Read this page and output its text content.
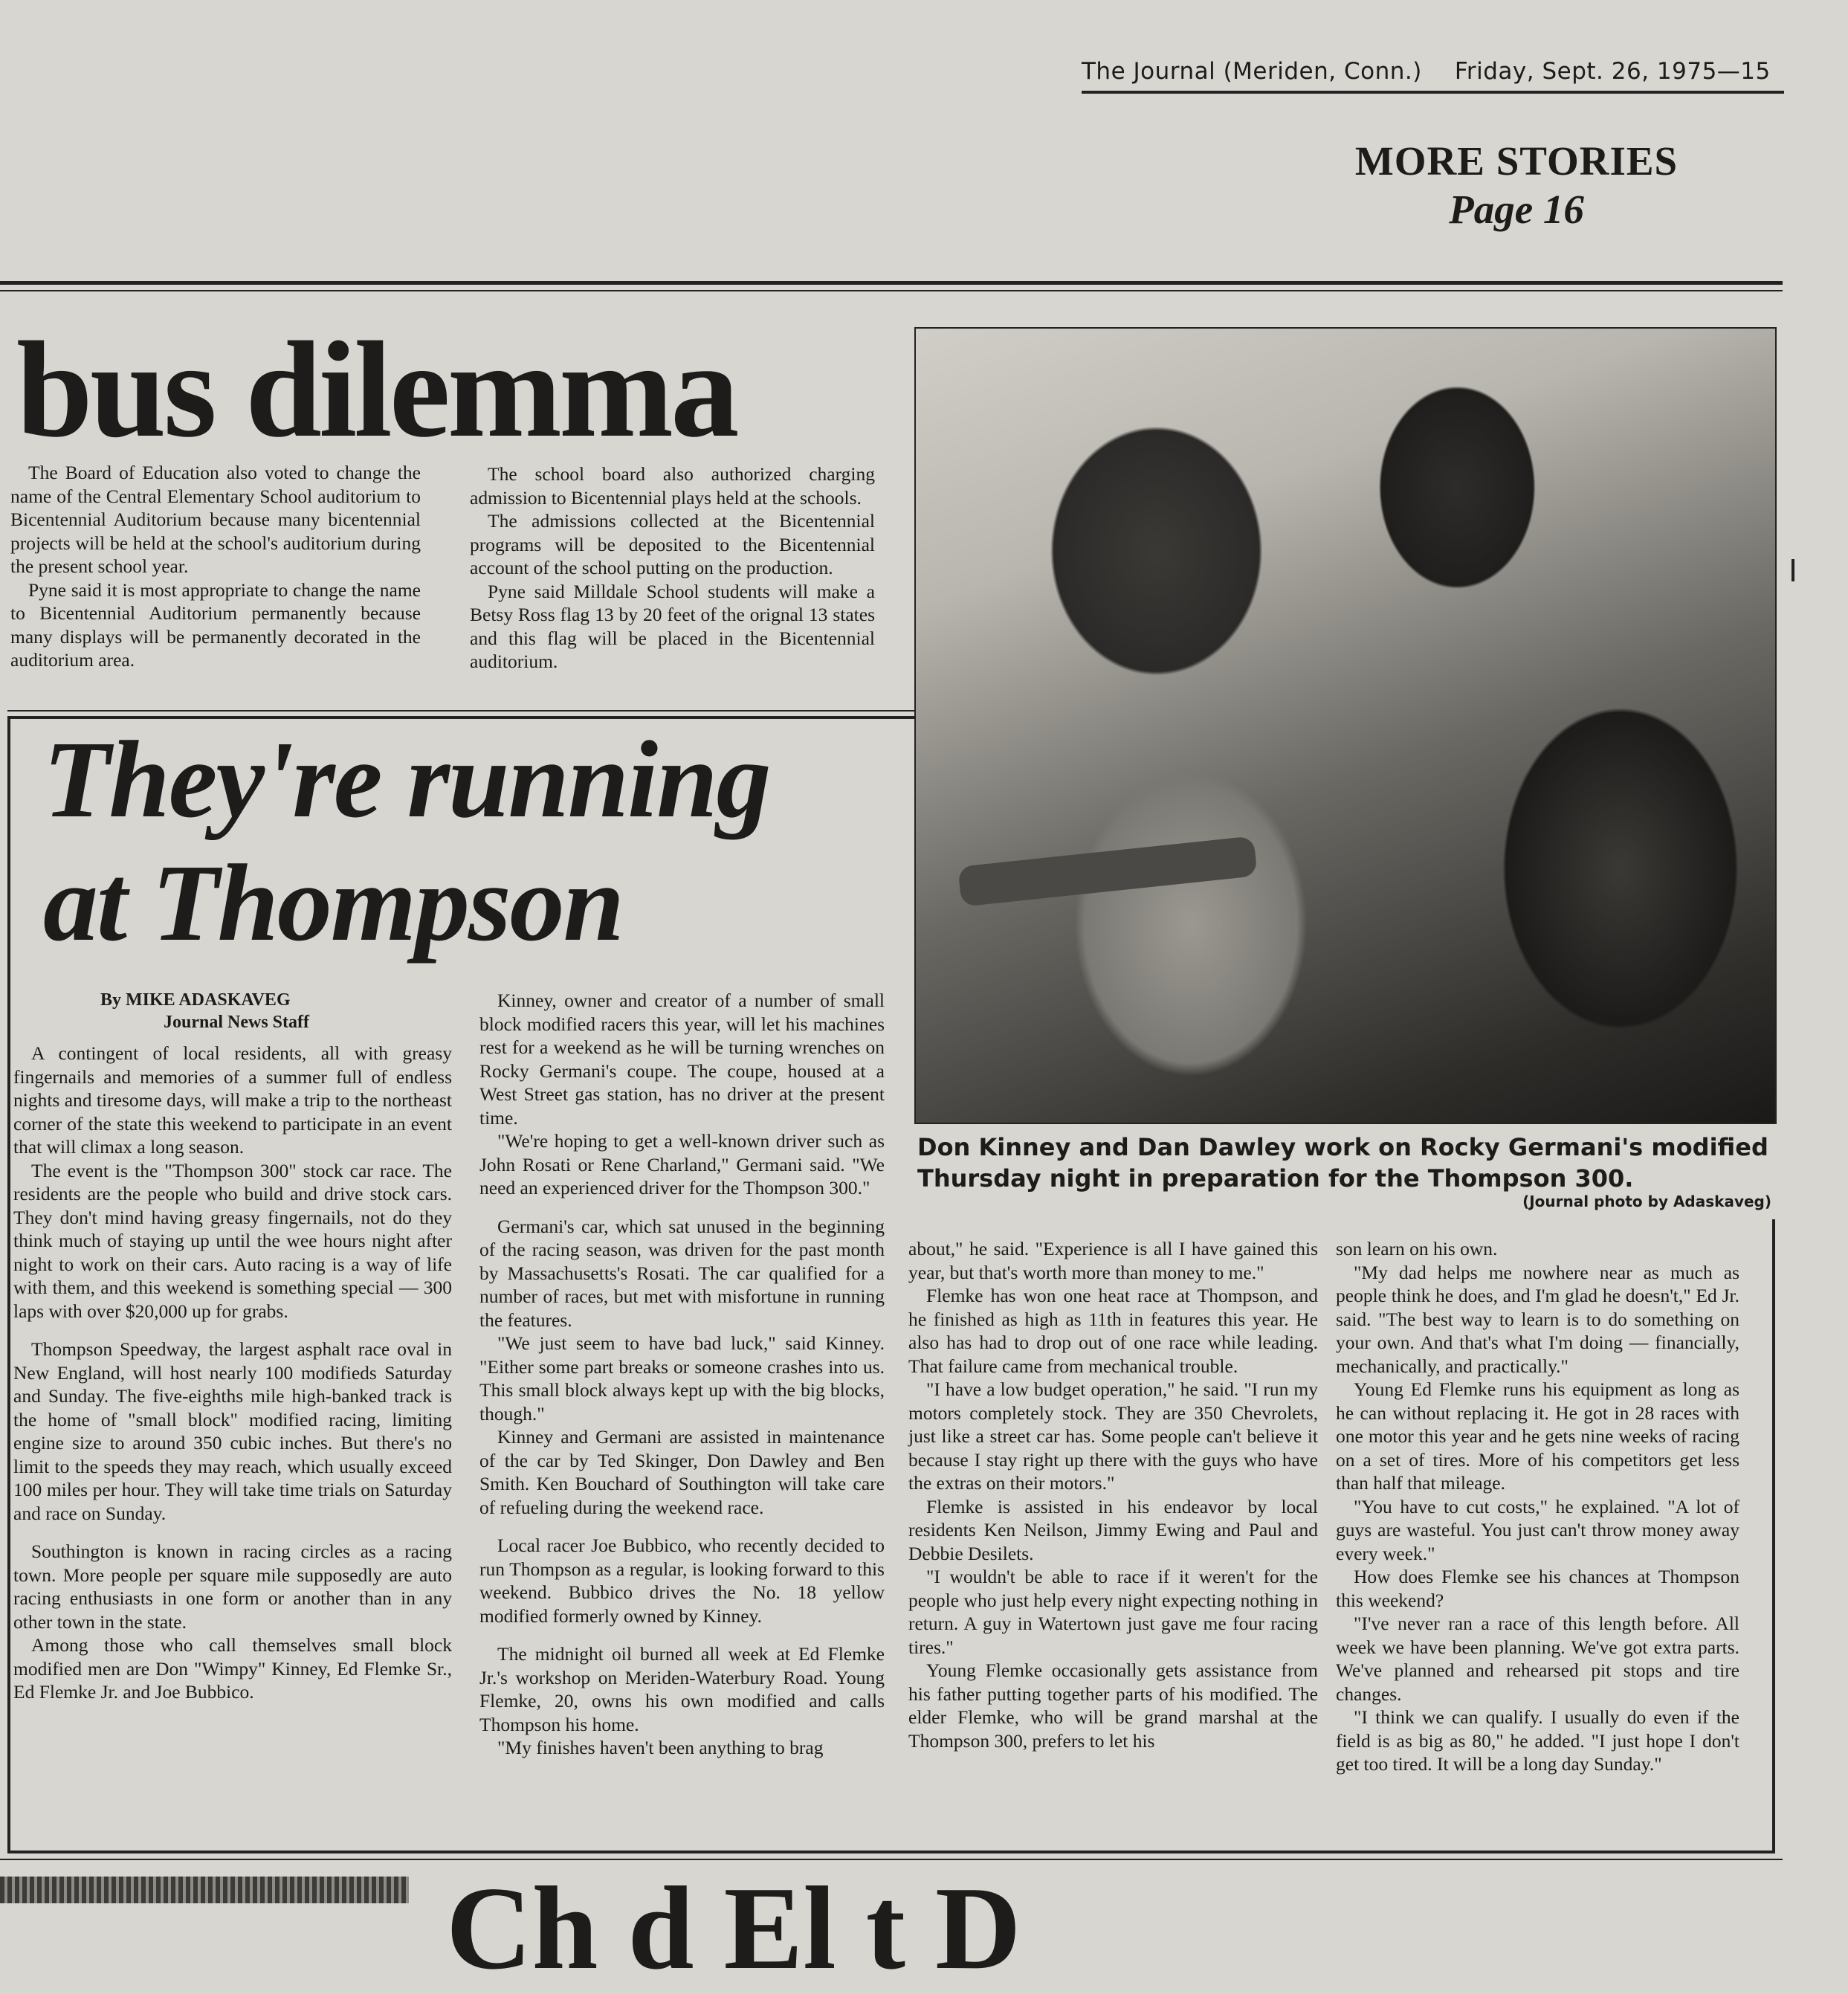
The Journal (Meriden, Conn.) Friday, Sept. 26, 1975—15
MORE STORIES
Page 16
bus dilemma

The Board of Education also voted to change the name of the Central Elementary School auditorium to Bicentennial Auditorium because many bicentennial projects will be held at the school's auditorium during the present school year.

Pyne said it is most appropriate to change the name to Bicentennial Auditorium permanently because many displays will be permanently decorated in the auditorium area.

The school board also authorized charging admission to Bicentennial plays held at the schools.

The admissions collected at the Bicentennial programs will be deposited to the Bicentennial account of the school putting on the production.

Pyne said Milldale School students will make a Betsy Ross flag 13 by 20 feet of the orignal 13 states and this flag will be placed in the Bicentennial auditorium.

Don Kinney and Dan Dawley work on Rocky Germani's modified Thursday night in preparation for the Thompson 300.
(Journal photo by Adaskaveg)
They're running
at Thompson
By MIKE ADASKAVEG
Journal News Staff

A contingent of local residents, all with greasy fingernails and memories of a summer full of endless nights and tiresome days, will make a trip to the northeast corner of the state this weekend to participate in an event that will climax a long season.

The event is the "Thompson 300" stock car race. The residents are the people who build and drive stock cars. They don't mind having greasy fingernails, not do they think much of staying up until the wee hours night after night to work on their cars. Auto racing is a way of life with them, and this weekend is something special — 300 laps with over $20,000 up for grabs.

Thompson Speedway, the largest asphalt race oval in New England, will host nearly 100 modifieds Saturday and Sunday. The five-eighths mile high-banked track is the home of "small block" modified racing, limiting engine size to around 350 cubic inches. But there's no limit to the speeds they may reach, which usually exceed 100 miles per hour. They will take time trials on Saturday and race on Sunday.

Southington is known in racing circles as a racing town. More people per square mile supposedly are auto racing enthusiasts in one form or another than in any other town in the state.

Among those who call themselves small block modified men are Don "Wimpy" Kinney, Ed Flemke Sr., Ed Flemke Jr. and Joe Bubbico.

Kinney, owner and creator of a number of small block modified racers this year, will let his machines rest for a weekend as he will be turning wrenches on Rocky Germani's coupe. The coupe, housed at a West Street gas station, has no driver at the present time.

"We're hoping to get a well-known driver such as John Rosati or Rene Charland," Germani said. "We need an experienced driver for the Thompson 300."

Germani's car, which sat unused in the beginning of the racing season, was driven for the past month by Massachusetts's Rosati. The car qualified for a number of races, but met with misfortune in running the features.

"We just seem to have bad luck," said Kinney. "Either some part breaks or someone crashes into us. This small block always kept up with the big blocks, though."

Kinney and Germani are assisted in maintenance of the car by Ted Skinger, Don Dawley and Ben Smith. Ken Bouchard of Southington will take care of refueling during the weekend race.

Local racer Joe Bubbico, who recently decided to run Thompson as a regular, is looking forward to this weekend. Bubbico drives the No. 18 yellow modified formerly owned by Kinney.

The midnight oil burned all week at Ed Flemke Jr.'s workshop on Meriden-Waterbury Road. Young Flemke, 20, owns his own modified and calls Thompson his home.

"My finishes haven't been anything to brag

about," he said. "Experience is all I have gained this year, but that's worth more than money to me."

Flemke has won one heat race at Thompson, and he finished as high as 11th in features this year. He also has had to drop out of one race while leading. That failure came from mechanical trouble.

"I have a low budget operation," he said. "I run my motors completely stock. They are 350 Chevrolets, just like a street car has. Some people can't believe it because I stay right up there with the guys who have the extras on their motors."

Flemke is assisted in his endeavor by local residents Ken Neilson, Jimmy Ewing and Paul and Debbie Desilets.

"I wouldn't be able to race if it weren't for the people who just help every night expecting nothing in return. A guy in Watertown just gave me four racing tires."

Young Flemke occasionally gets assistance from his father putting together parts of his modified. The elder Flemke, who will be grand marshal at the Thompson 300, prefers to let his

son learn on his own.

"My dad helps me nowhere near as much as people think he does, and I'm glad he doesn't," Ed Jr. said. "The best way to learn is to do something on your own. And that's what I'm doing — financially, mechanically, and practically."

Young Ed Flemke runs his equipment as long as he can without replacing it. He got in 28 races with one motor this year and he gets nine weeks of racing on a set of tires. More of his competitors get less than half that mileage.

"You have to cut costs," he explained. "A lot of guys are wasteful. You just can't throw money away every week."

How does Flemke see his chances at Thompson this weekend?

"I've never ran a race of this length before. All week we have been planning. We've got extra parts. We've planned and rehearsed pit stops and tire changes.

"I think we can qualify. I usually do even if the field is as big as 80," he added. "I just hope I don't get too tired. It will be a long day Sunday."

Ch d El t D
